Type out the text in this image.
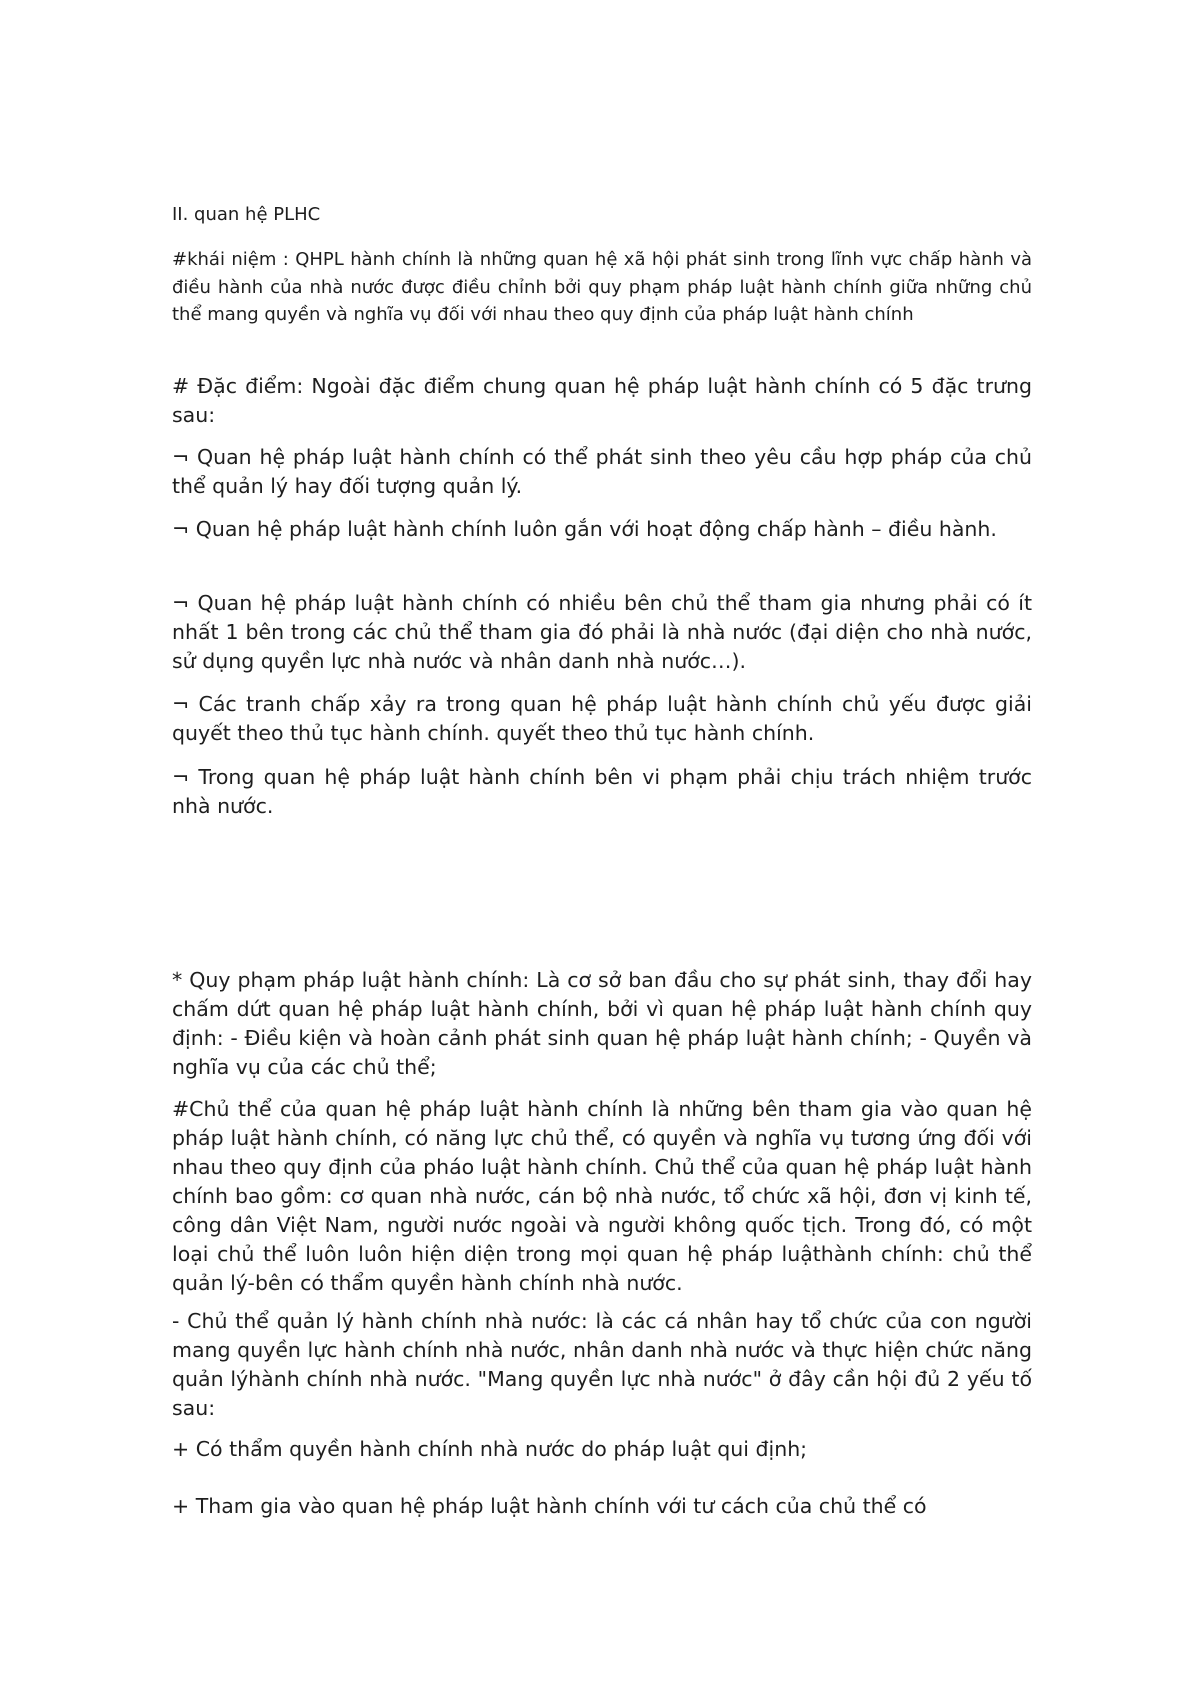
II. quan hệ PLHC

#khái niệm : QHPL hành chính là những quan hệ xã hội phát sinh trong lĩnh vực chấp hành và điều hành của nhà nước được điều chỉnh bởi quy phạm pháp luật hành chính giữa những chủ thể mang quyền và nghĩa vụ đối với nhau theo quy định của pháp luật hành chính

# Đặc điểm: Ngoài đặc điểm chung quan hệ pháp luật hành chính có 5 đặc trưng sau:

¬ Quan hệ pháp luật hành chính có thể phát sinh theo yêu cầu hợp pháp của chủ thể quản lý hay đối tượng quản lý.

¬ Quan hệ pháp luật hành chính luôn gắn với hoạt động chấp hành – điều hành.

¬ Quan hệ pháp luật hành chính có nhiều bên chủ thể tham gia nhưng phải có ít nhất 1 bên trong các chủ thể tham gia đó phải là nhà nước (đại diện cho nhà nước, sử dụng quyền lực nhà nước và nhân danh nhà nước…).

¬ Các tranh chấp xảy ra trong quan hệ pháp luật hành chính chủ yếu được giải quyết theo thủ tục hành chính. quyết theo thủ tục hành chính.

¬ Trong quan hệ pháp luật hành chính bên vi phạm phải chịu trách nhiệm trước nhà nước.

* Quy phạm pháp luật hành chính: Là cơ sở ban đầu cho sự phát sinh, thay đổi hay chấm dứt quan hệ pháp luật hành chính, bởi vì quan hệ pháp luật hành chính quy định: - Điều kiện và hoàn cảnh phát sinh quan hệ pháp luật hành chính; - Quyền và nghĩa vụ của các chủ thể;

#Chủ thể của quan hệ pháp luật hành chính là những bên tham gia vào quan hệ pháp luật hành chính, có năng lực chủ thể, có quyền và nghĩa vụ tương ứng đối với nhau theo quy định của pháo luật hành chính. Chủ thể của quan hệ pháp luật hành chính bao gồm: cơ quan nhà nước, cán bộ nhà nước, tổ chức xã hội, đơn vị kinh tế, công dân Việt Nam, người nước ngoài và người không quốc tịch. Trong đó, có một loại chủ thể luôn luôn hiện diện trong mọi quan hệ pháp luậthành chính: chủ thể quản lý-bên có thẩm quyền hành chính nhà nước.

- Chủ thể quản lý hành chính nhà nước: là các cá nhân hay tổ chức của con người mang quyền lực hành chính nhà nước, nhân danh nhà nước và thực hiện chức năng quản lýhành chính nhà nước. "Mang quyền lực nhà nước" ở đây cần hội đủ 2 yếu tố sau:

+ Có thẩm quyền hành chính nhà nước do pháp luật qui định;

+ Tham gia vào quan hệ pháp luật hành chính với tư cách của chủ thể có
